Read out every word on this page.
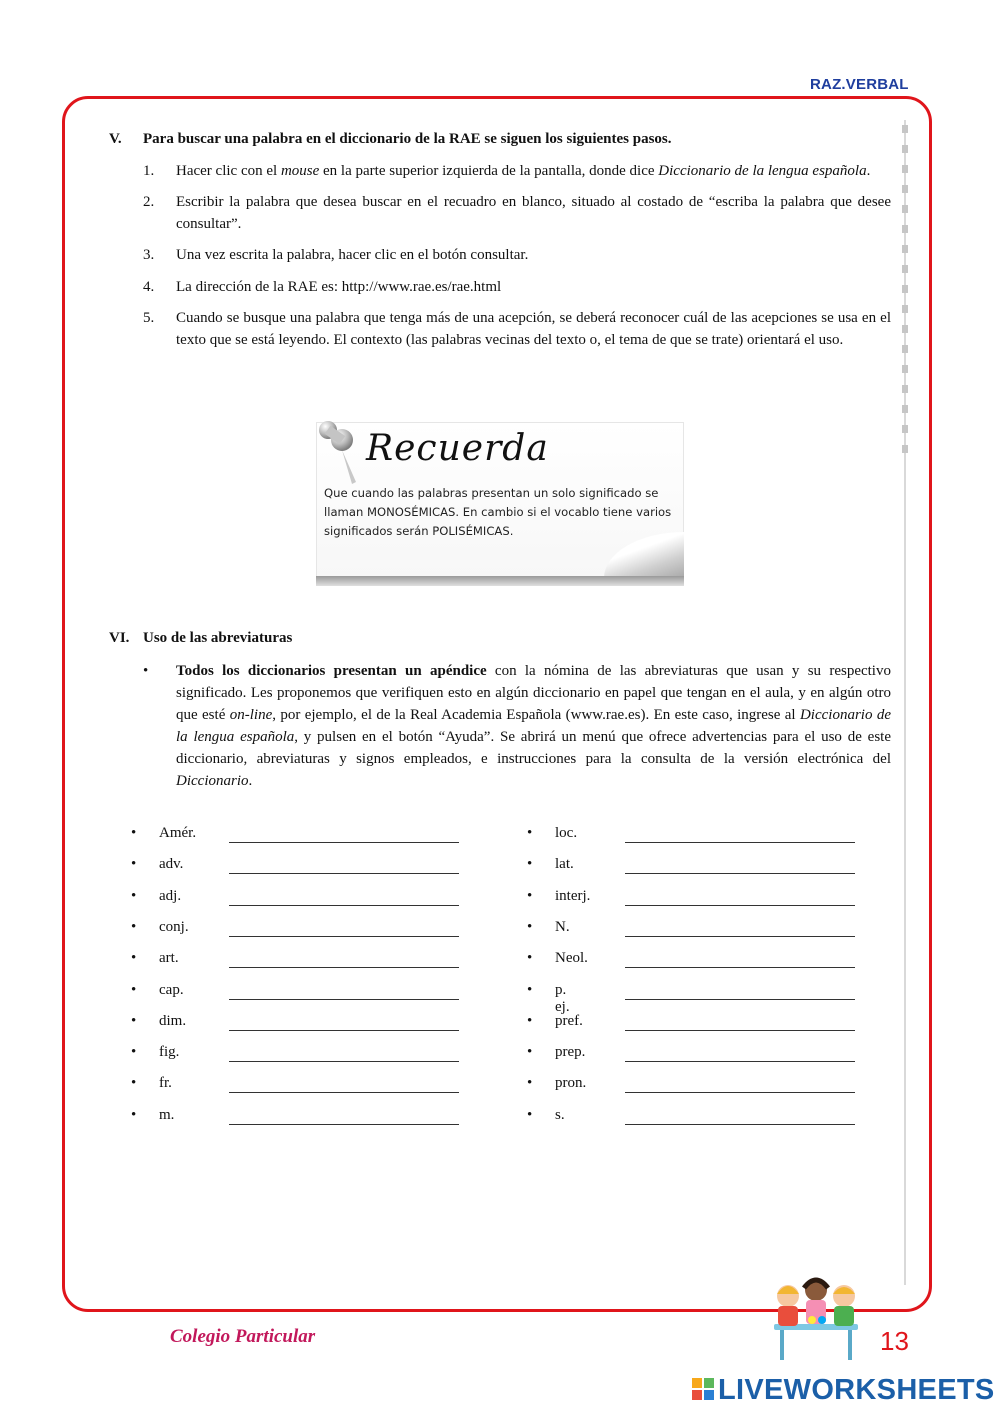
RAZ.VERBAL
V. Para buscar una palabra en el diccionario de la RAE se siguen los siguientes pasos.
1. Hacer clic con el mouse en la parte superior izquierda de la pantalla, donde dice Diccionario de la lengua española.
2. Escribir la palabra que desea buscar en el recuadro en blanco, situado al costado de “escriba la palabra que desee consultar”.
3. Una vez escrita la palabra, hacer clic en el botón consultar.
4. La dirección de la RAE es: http://www.rae.es/rae.html
5. Cuando se busque una palabra que tenga más de una acepción, se deberá reconocer cuál de las acepciones se usa en el texto que se está leyendo. El contexto (las palabras vecinas del texto o, el tema de que se trate) orientará el uso.
Recuerda
Que cuando las palabras presentan un solo significado se llaman MONOSÉMICAS. En cambio si el vocablo tiene varios significados serán POLISÉMICAS.
VI. Uso de las abreviaturas
• Todos los diccionarios presentan un apéndice con la nómina de las abreviaturas que usan y su respectivo significado. Les proponemos que verifiquen esto en algún diccionario en papel que tengan en el aula, y en algún otro que esté on-line, por ejemplo, el de la Real Academia Española (www.rae.es). En este caso, ingrese al Diccionario de la lengua española, y pulsen en el botón “Ayuda”. Se abrirá un menú que ofrece advertencias para el uso de este diccionario, abreviaturas y signos empleados, e instrucciones para la consulta de la versión electrónica del Diccionario.
• Amér.
• adv.
• adj.
• conj.
• art.
• cap.
• dim.
• fig.
• fr.
• m.
• loc.
• lat.
• interj.
• N.
• Neol.
• p. ej.
• pref.
• prep.
• pron.
• s.
Colegio Particular	13
LIVEWORKSHEETS
